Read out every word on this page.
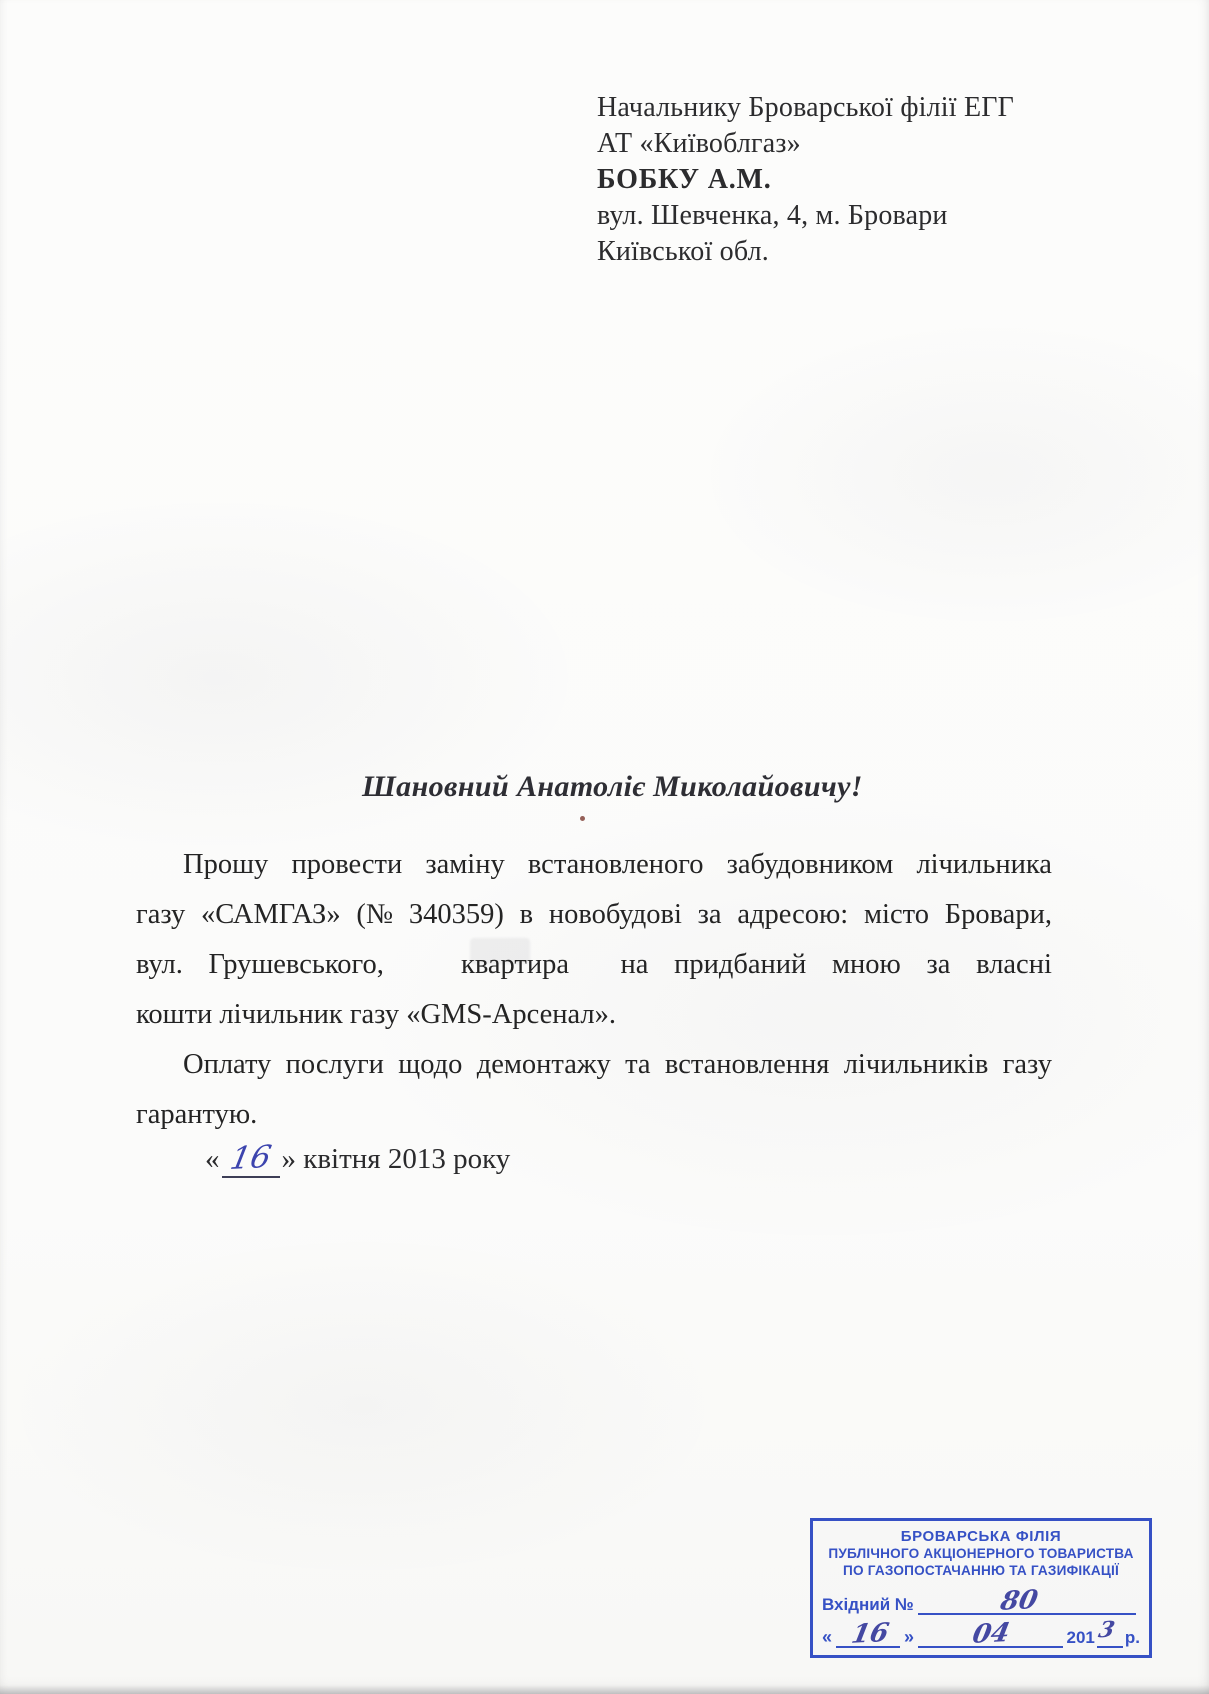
Начальнику Броварської філії ЕГГ
АТ «Київоблгаз»
БОБКУ А.М.
вул. Шевченка, 4, м. Бровари
Київської обл.
Шановний Анатоліє Миколайовичу!
Прошу провести заміну встановленого забудовником лічильника
газу «САМГАЗ» (№ 340359) в новобудові за адресою: місто Бровари,
вул. Грушевського,	квартира на придбаний мною за власні
кошти лічильник газу «GMS-Арсенал».
Оплату послуги щодо демонтажу та встановлення лічильників газу
гарантую.
« 16 » квітня 2013 року
БРОВАРСЬКА ФІЛІЯ
ПУБЛІЧНОГО АКЦІОНЕРНОГО ТОВАРИСТВА
ПО ГАЗОПОСТАЧАННЮ ТА ГАЗИФІКАЦІЇ
Вхідний №	80
« 16 » 04	201 3 р.
